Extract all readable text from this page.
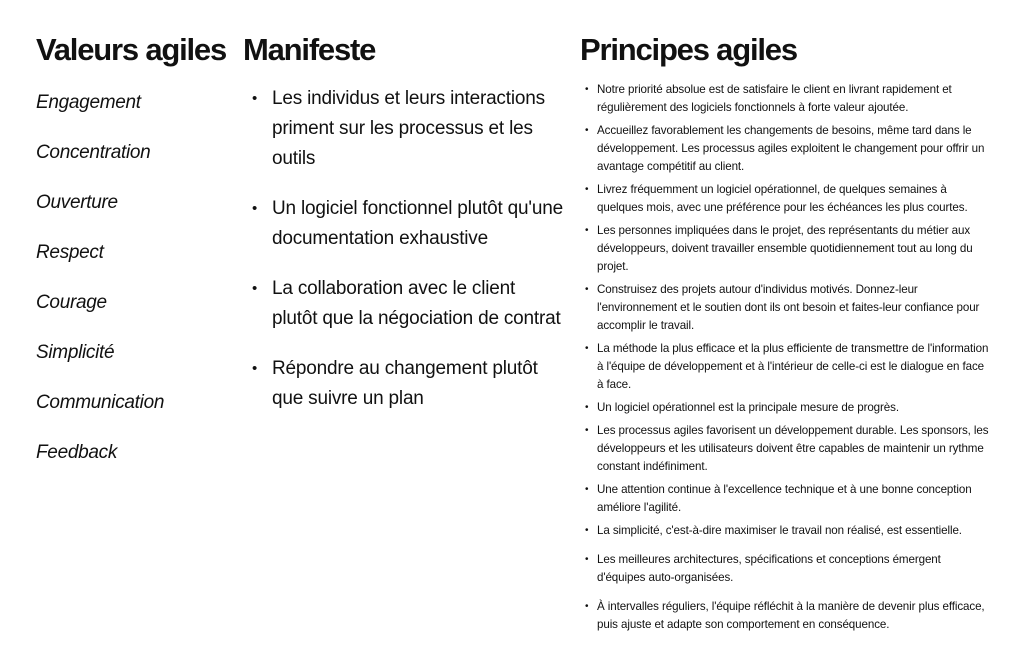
Valeurs agiles
Engagement
Concentration
Ouverture
Respect
Courage
Simplicité
Communication
Feedback
Manifeste
• Les individus et leurs interactions priment sur les processus et les outils
• Un logiciel fonctionnel plutôt qu'une documentation exhaustive
• La collaboration avec le client plutôt que la négociation de contrat
• Répondre au changement plutôt que suivre un plan
Principes agiles
• Notre priorité absolue est de satisfaire le client en livrant rapidement et régulièrement des logiciels fonctionnels à forte valeur ajoutée.
• Accueillez favorablement les changements de besoins, même tard dans le développement. Les processus agiles exploitent le changement pour offrir un avantage compétitif au client.
• Livrez fréquemment un logiciel opérationnel, de quelques semaines à quelques mois, avec une préférence pour les échéances les plus courtes.
• Les personnes impliquées dans le projet, des représentants du métier aux développeurs, doivent travailler ensemble quotidiennement tout au long du projet.
• Construisez des projets autour d'individus motivés. Donnez-leur l'environnement et le soutien dont ils ont besoin et faites-leur confiance pour accomplir le travail.
• La méthode la plus efficace et la plus efficiente de transmettre de l'information à l'équipe de développement et à l'intérieur de celle-ci est le dialogue en face à face.
• Un logiciel opérationnel est la principale mesure de progrès.
• Les processus agiles favorisent un développement durable. Les sponsors, les développeurs et les utilisateurs doivent être capables de maintenir un rythme constant indéfiniment.
• Une attention continue à l'excellence technique et à une bonne conception améliore l'agilité.
• La simplicité, c'est-à-dire maximiser le travail non réalisé, est essentielle.
• Les meilleures architectures, spécifications et conceptions émergent d'équipes auto-organisées.
• À intervalles réguliers, l'équipe réfléchit à la manière de devenir plus efficace, puis ajuste et adapte son comportement en conséquence.
